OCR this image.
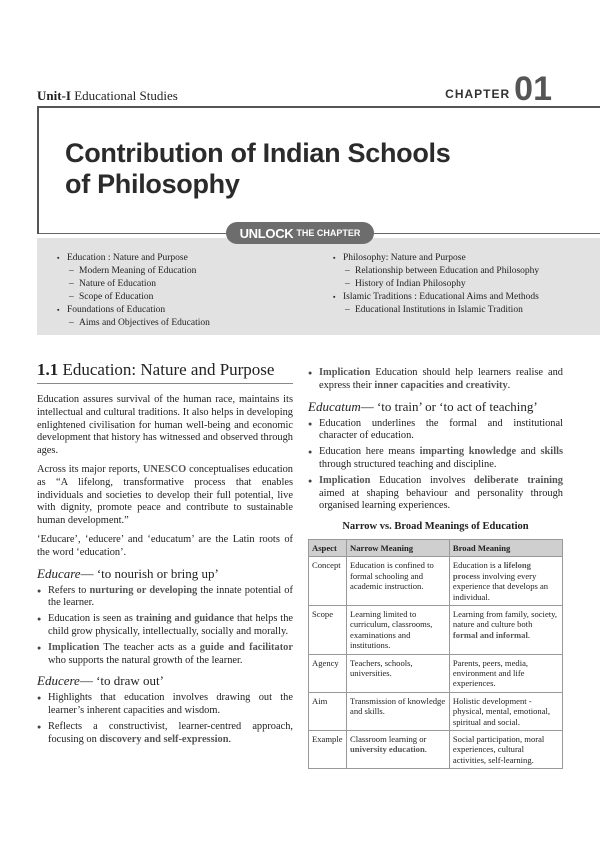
Unit-I Educational Studies	CHAPTER 01
Contribution of Indian Schools
of Philosophy
▪ Education : Nature and Purpose
– Modern Meaning of Education
– Nature of Education
– Scope of Education
▪ Foundations of Education
– Aims and Objectives of Education
▪ Philosophy: Nature and Purpose
– Relationship between Education and Philosophy
– History of Indian Philosophy
▪ Islamic Traditions : Educational Aims and Methods
– Educational Institutions in Islamic Tradition
UNLOCK THE CHAPTER
1.1 Education: Nature and Purpose

Education assures survival of the human race, maintains its intellectual and cultural traditions. It also helps in developing enlightened civilisation for human well-being and economic development that history has witnessed and observed through ages.

Across its major reports, UNESCO conceptualises education as “A lifelong, transformative process that enables individuals and societies to develop their full potential, live with dignity, promote peace and contribute to sustainable human development.”

‘Educare’, ‘educere’ and ‘educatum’ are the Latin roots of the word ‘education’.

Educare— ‘to nourish or bring up’
● Refers to nurturing or developing the innate potential of the learner.
● Education is seen as training and guidance that helps the child grow physically, intellectually, socially and morally.
● Implication The teacher acts as a guide and facilitator who supports the natural growth of the learner.
Educere— ‘to draw out’
● Highlights that education involves drawing out the learner’s inherent capacities and wisdom.
● Reflects a constructivist, learner-centred approach, focusing on discovery and self-expression.
● Implication Education should help learners realise and express their inner capacities and creativity.
Educatum— ‘to train’ or ‘to act of teaching’
● Education underlines the formal and institutional character of education.
● Education here means imparting knowledge and skills through structured teaching and discipline.
● Implication Education involves deliberate training aimed at shaping behaviour and personality through organised learning experiences.
Narrow vs. Broad Meanings of Education
Aspect	Narrow Meaning	Broad Meaning
Concept	Education is confined to formal schooling and academic instruction.	Education is a lifelong process involving every experience that develops an individual.
Scope	Learning limited to curriculum, classrooms, examinations and institutions.	Learning from family, society, nature and culture both formal and informal.
Agency	Teachers, schools, universities.	Parents, peers, media, environment and life experiences.
Aim	Transmission of knowledge and skills.	Holistic development - physical, mental, emotional, spiritual and social.
Example	Classroom learning or university education.	Social participation, moral experiences, cultural activities, self-learning.
